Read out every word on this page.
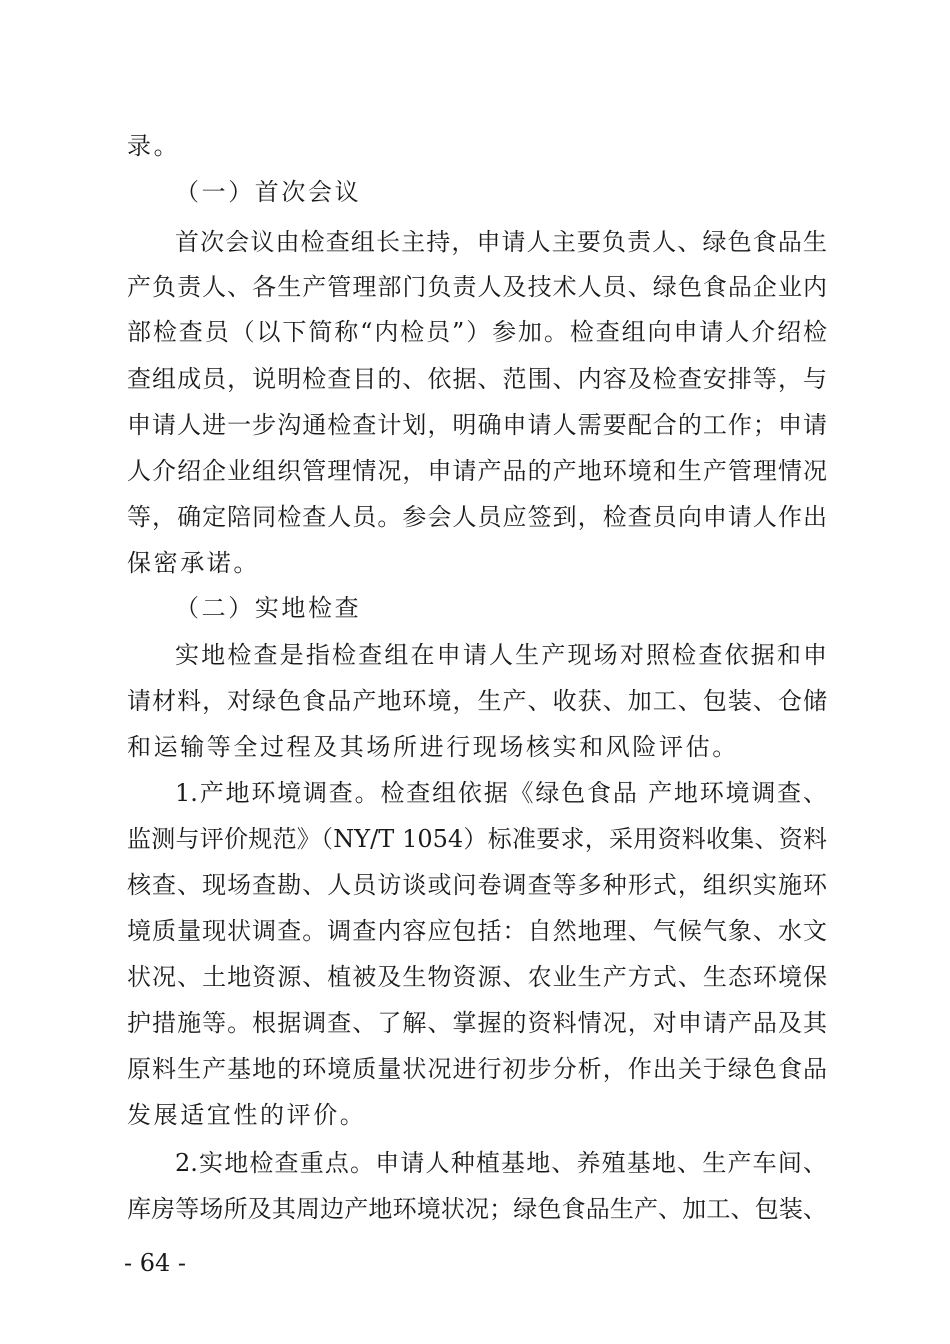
录。
（一）首次会议
首次会议由检查组长主持，申请人主要负责人、绿色食品生
产负责人、各生产管理部门负责人及技术人员、绿色食品企业内
部检查员（以下简称“内检员”）参加。检查组向申请人介绍检
查组成员，说明检查目的、依据、范围、内容及检查安排等，与
申请人进一步沟通检查计划，明确申请人需要配合的工作；申请
人介绍企业组织管理情况，申请产品的产地环境和生产管理情况
等，确定陪同检查人员。参会人员应签到，检查员向申请人作出
保密承诺。
（二）实地检查
实地检查是指检查组在申请人生产现场对照检查依据和申
请材料，对绿色食品产地环境，生产、收获、加工、包装、仓储
和运输等全过程及其场所进行现场核实和风险评估。
1.产地环境调查。检查组依据《绿色食品 产地环境调查、
监测与评价规范》（NY/T 1054）标准要求，采用资料收集、资料
核查、现场查勘、人员访谈或问卷调查等多种形式，组织实施环
境质量现状调查。调查内容应包括：自然地理、气候气象、水文
状况、土地资源、植被及生物资源、农业生产方式、生态环境保
护措施等。根据调查、了解、掌握的资料情况，对申请产品及其
原料生产基地的环境质量状况进行初步分析，作出关于绿色食品
发展适宜性的评价。
2.实地检查重点。申请人种植基地、养殖基地、生产车间、
库房等场所及其周边产地环境状况；绿色食品生产、加工、包装、
- 64 -
